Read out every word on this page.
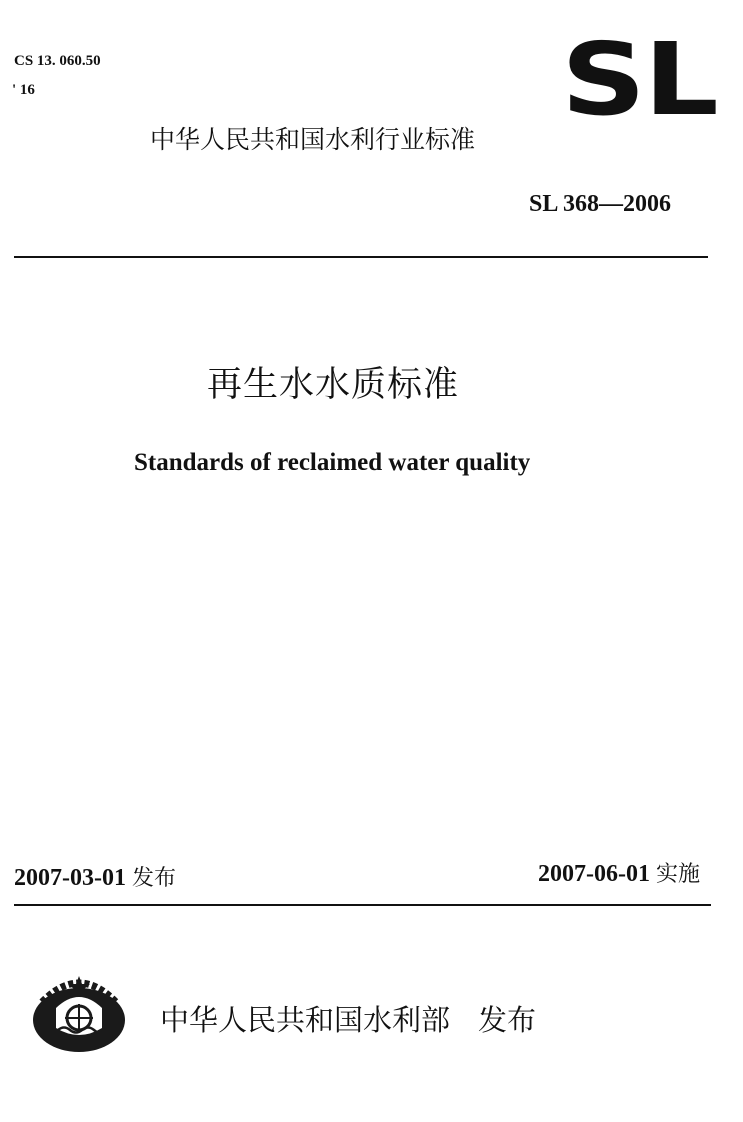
CS 13. 060.50
' 16	SL
中华人民共和国水利行业标准
SL 368—2006
再生水水质标准
Standards of reclaimed water quality
2007-03-01 发布	2007-06-01 实施
中华人民共和国水利部 发布
